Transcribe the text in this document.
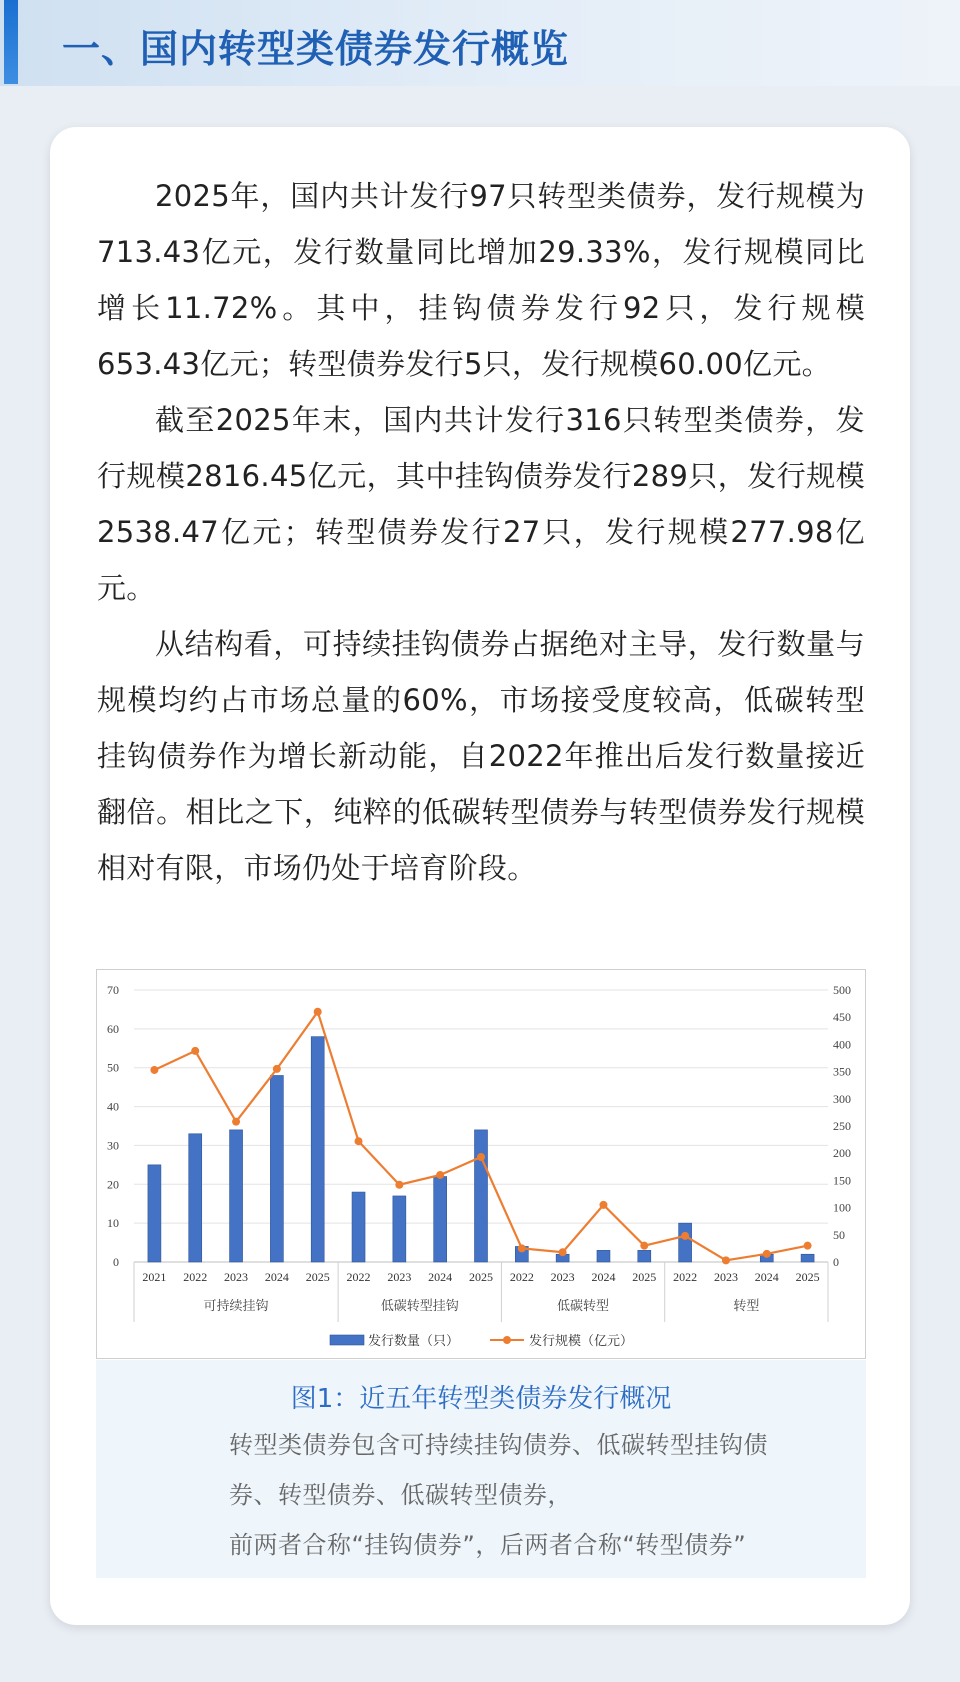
一、国内转型类债券发行概览

2025年，国内共计发行97只转型类债券，发行规模为713.43亿元，发行数量同比增加29.33%，发行规模同比增长11.72%。其中，挂钩债券发行92只，发行规模653.43亿元；转型债券发行5只，发行规模60.00亿元。

截至2025年末，国内共计发行316只转型类债券，发行规模2816.45亿元，其中挂钩债券发行289只，发行规模2538.47亿元；转型债券发行27只，发行规模277.98亿元。

从结构看，可持续挂钩债券占据绝对主导，发行数量与规模均约占市场总量的60%，市场接受度较高，低碳转型挂钩债券作为增长新动能，自2022年推出后发行数量接近翻倍。相比之下，纯粹的低碳转型债券与转型债券发行规模相对有限，市场仍处于培育阶段。

0
10
20
30
40
50
60
70
0
50
100
150
200
250
300
350
400
450
500
可持续挂钩	低碳转型挂钩	低碳转型	转型
2021 2022 2023 2024 2025 2022 2023 2024 2025 2022 2023 2024 2025 2022 2023 2024 2025
发行数量（只）	发行规模（亿元）
图1：近五年转型类债券发行概况
转型类债券包含可持续挂钩债券、低碳转型挂钩债
券、转型债券、低碳转型债券，
前两者合称“挂钩债券”，后两者合称“转型债券”
